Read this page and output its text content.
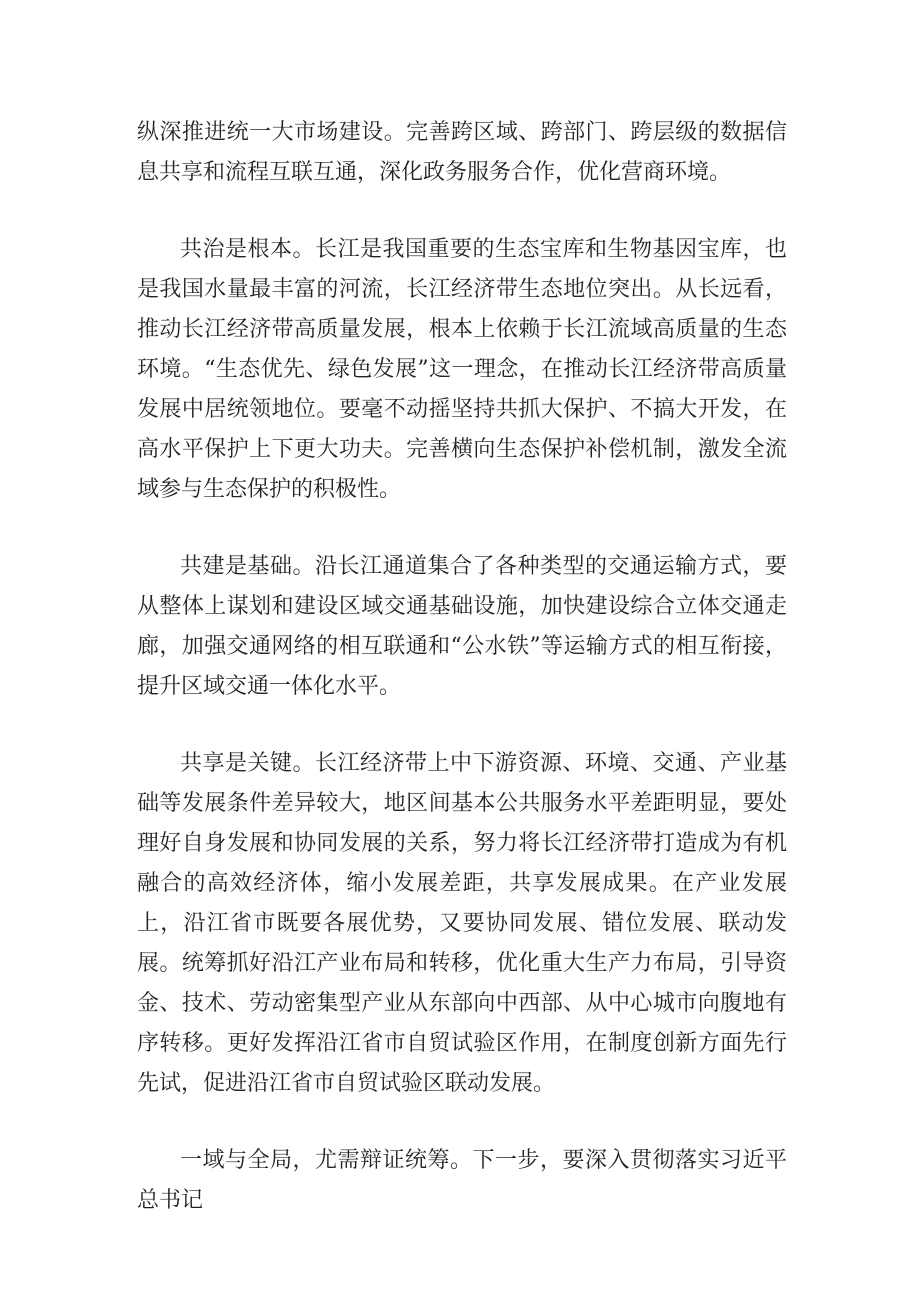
纵深推进统一大市场建设。完善跨区域、跨部门、跨层级的数据信息共享和流程互联互通，深化政务服务合作，优化营商环境。

共治是根本。长江是我国重要的生态宝库和生物基因宝库，也是我国水量最丰富的河流，长江经济带生态地位突出。从长远看，推动长江经济带高质量发展，根本上依赖于长江流域高质量的生态环境。“生态优先、绿色发展”这一理念，在推动长江经济带高质量发展中居统领地位。要毫不动摇坚持共抓大保护、不搞大开发，在高水平保护上下更大功夫。完善横向生态保护补偿机制，激发全流域参与生态保护的积极性。

共建是基础。沿长江通道集合了各种类型的交通运输方式，要从整体上谋划和建设区域交通基础设施，加快建设综合立体交通走廊，加强交通网络的相互联通和“公水铁”等运输方式的相互衔接，提升区域交通一体化水平。

共享是关键。长江经济带上中下游资源、环境、交通、产业基础等发展条件差异较大，地区间基本公共服务水平差距明显，要处理好自身发展和协同发展的关系，努力将长江经济带打造成为有机融合的高效经济体，缩小发展差距，共享发展成果。在产业发展上，沿江省市既要各展优势，又要协同发展、错位发展、联动发展。统筹抓好沿江产业布局和转移，优化重大生产力布局，引导资金、技术、劳动密集型产业从东部向中西部、从中心城市向腹地有序转移。更好发挥沿江省市自贸试验区作用，在制度创新方面先行先试，促进沿江省市自贸试验区联动发展。

一域与全局，尤需辩证统筹。下一步，要深入贯彻落实习近平总书记
